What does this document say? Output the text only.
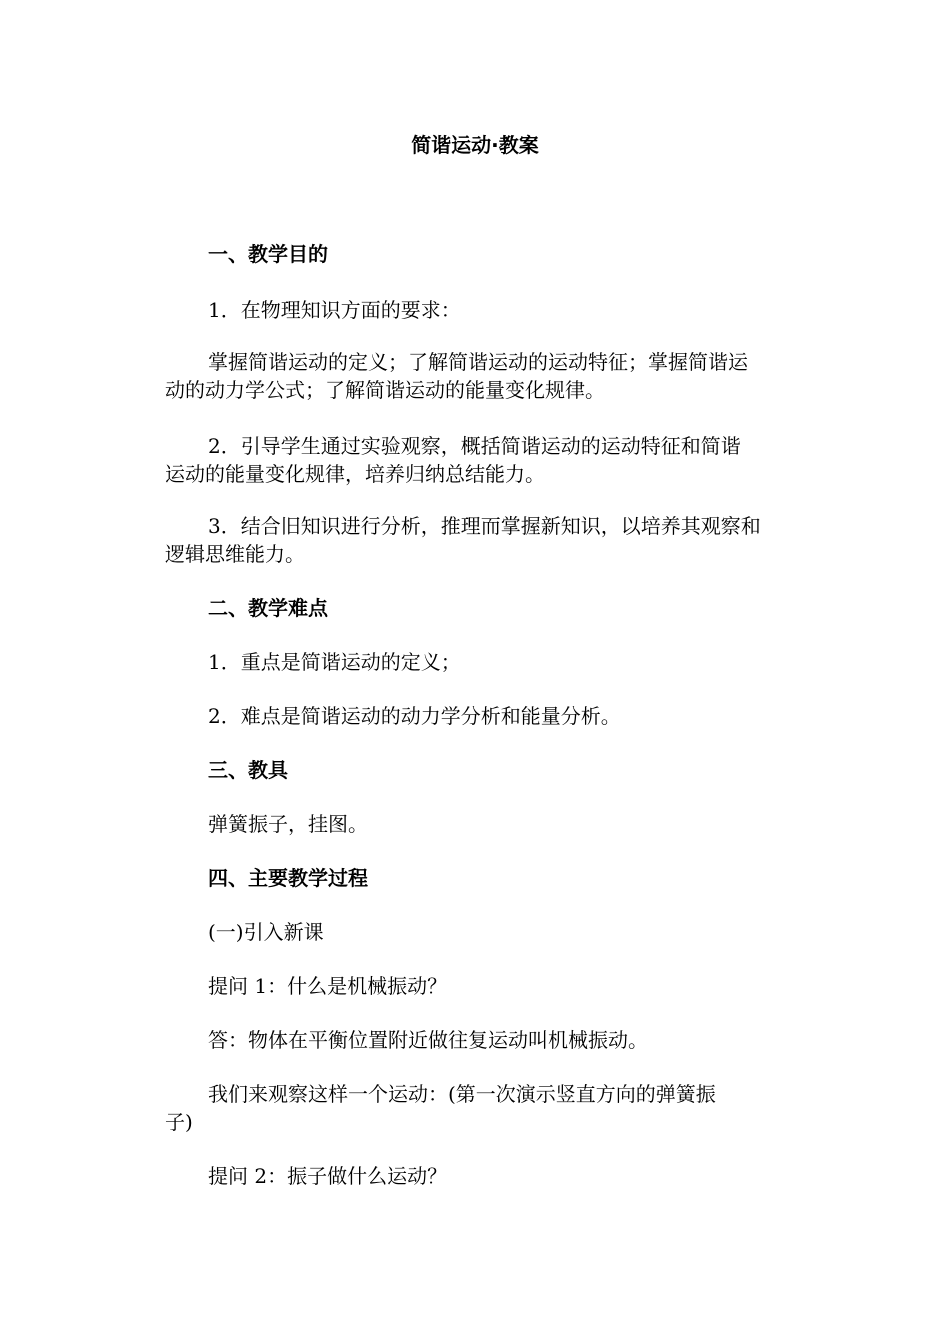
简谐运动·教案
一、教学目的
1．在物理知识方面的要求：
掌握简谐运动的定义；了解简谐运动的运动特征；掌握简谐运
动的动力学公式；了解简谐运动的能量变化规律。
2．引导学生通过实验观察，概括简谐运动的运动特征和简谐
运动的能量变化规律，培养归纳总结能力。
3．结合旧知识进行分析，推理而掌握新知识，以培养其观察和
逻辑思维能力。
二、教学难点
1．重点是简谐运动的定义；
2．难点是简谐运动的动力学分析和能量分析。
三、教具
弹簧振子，挂图。
四、主要教学过程
(一)引入新课
提问 1：什么是机械振动？
答：物体在平衡位置附近做往复运动叫机械振动。
我们来观察这样一个运动：(第一次演示竖直方向的弹簧振
子)
提问 2：振子做什么运动？
